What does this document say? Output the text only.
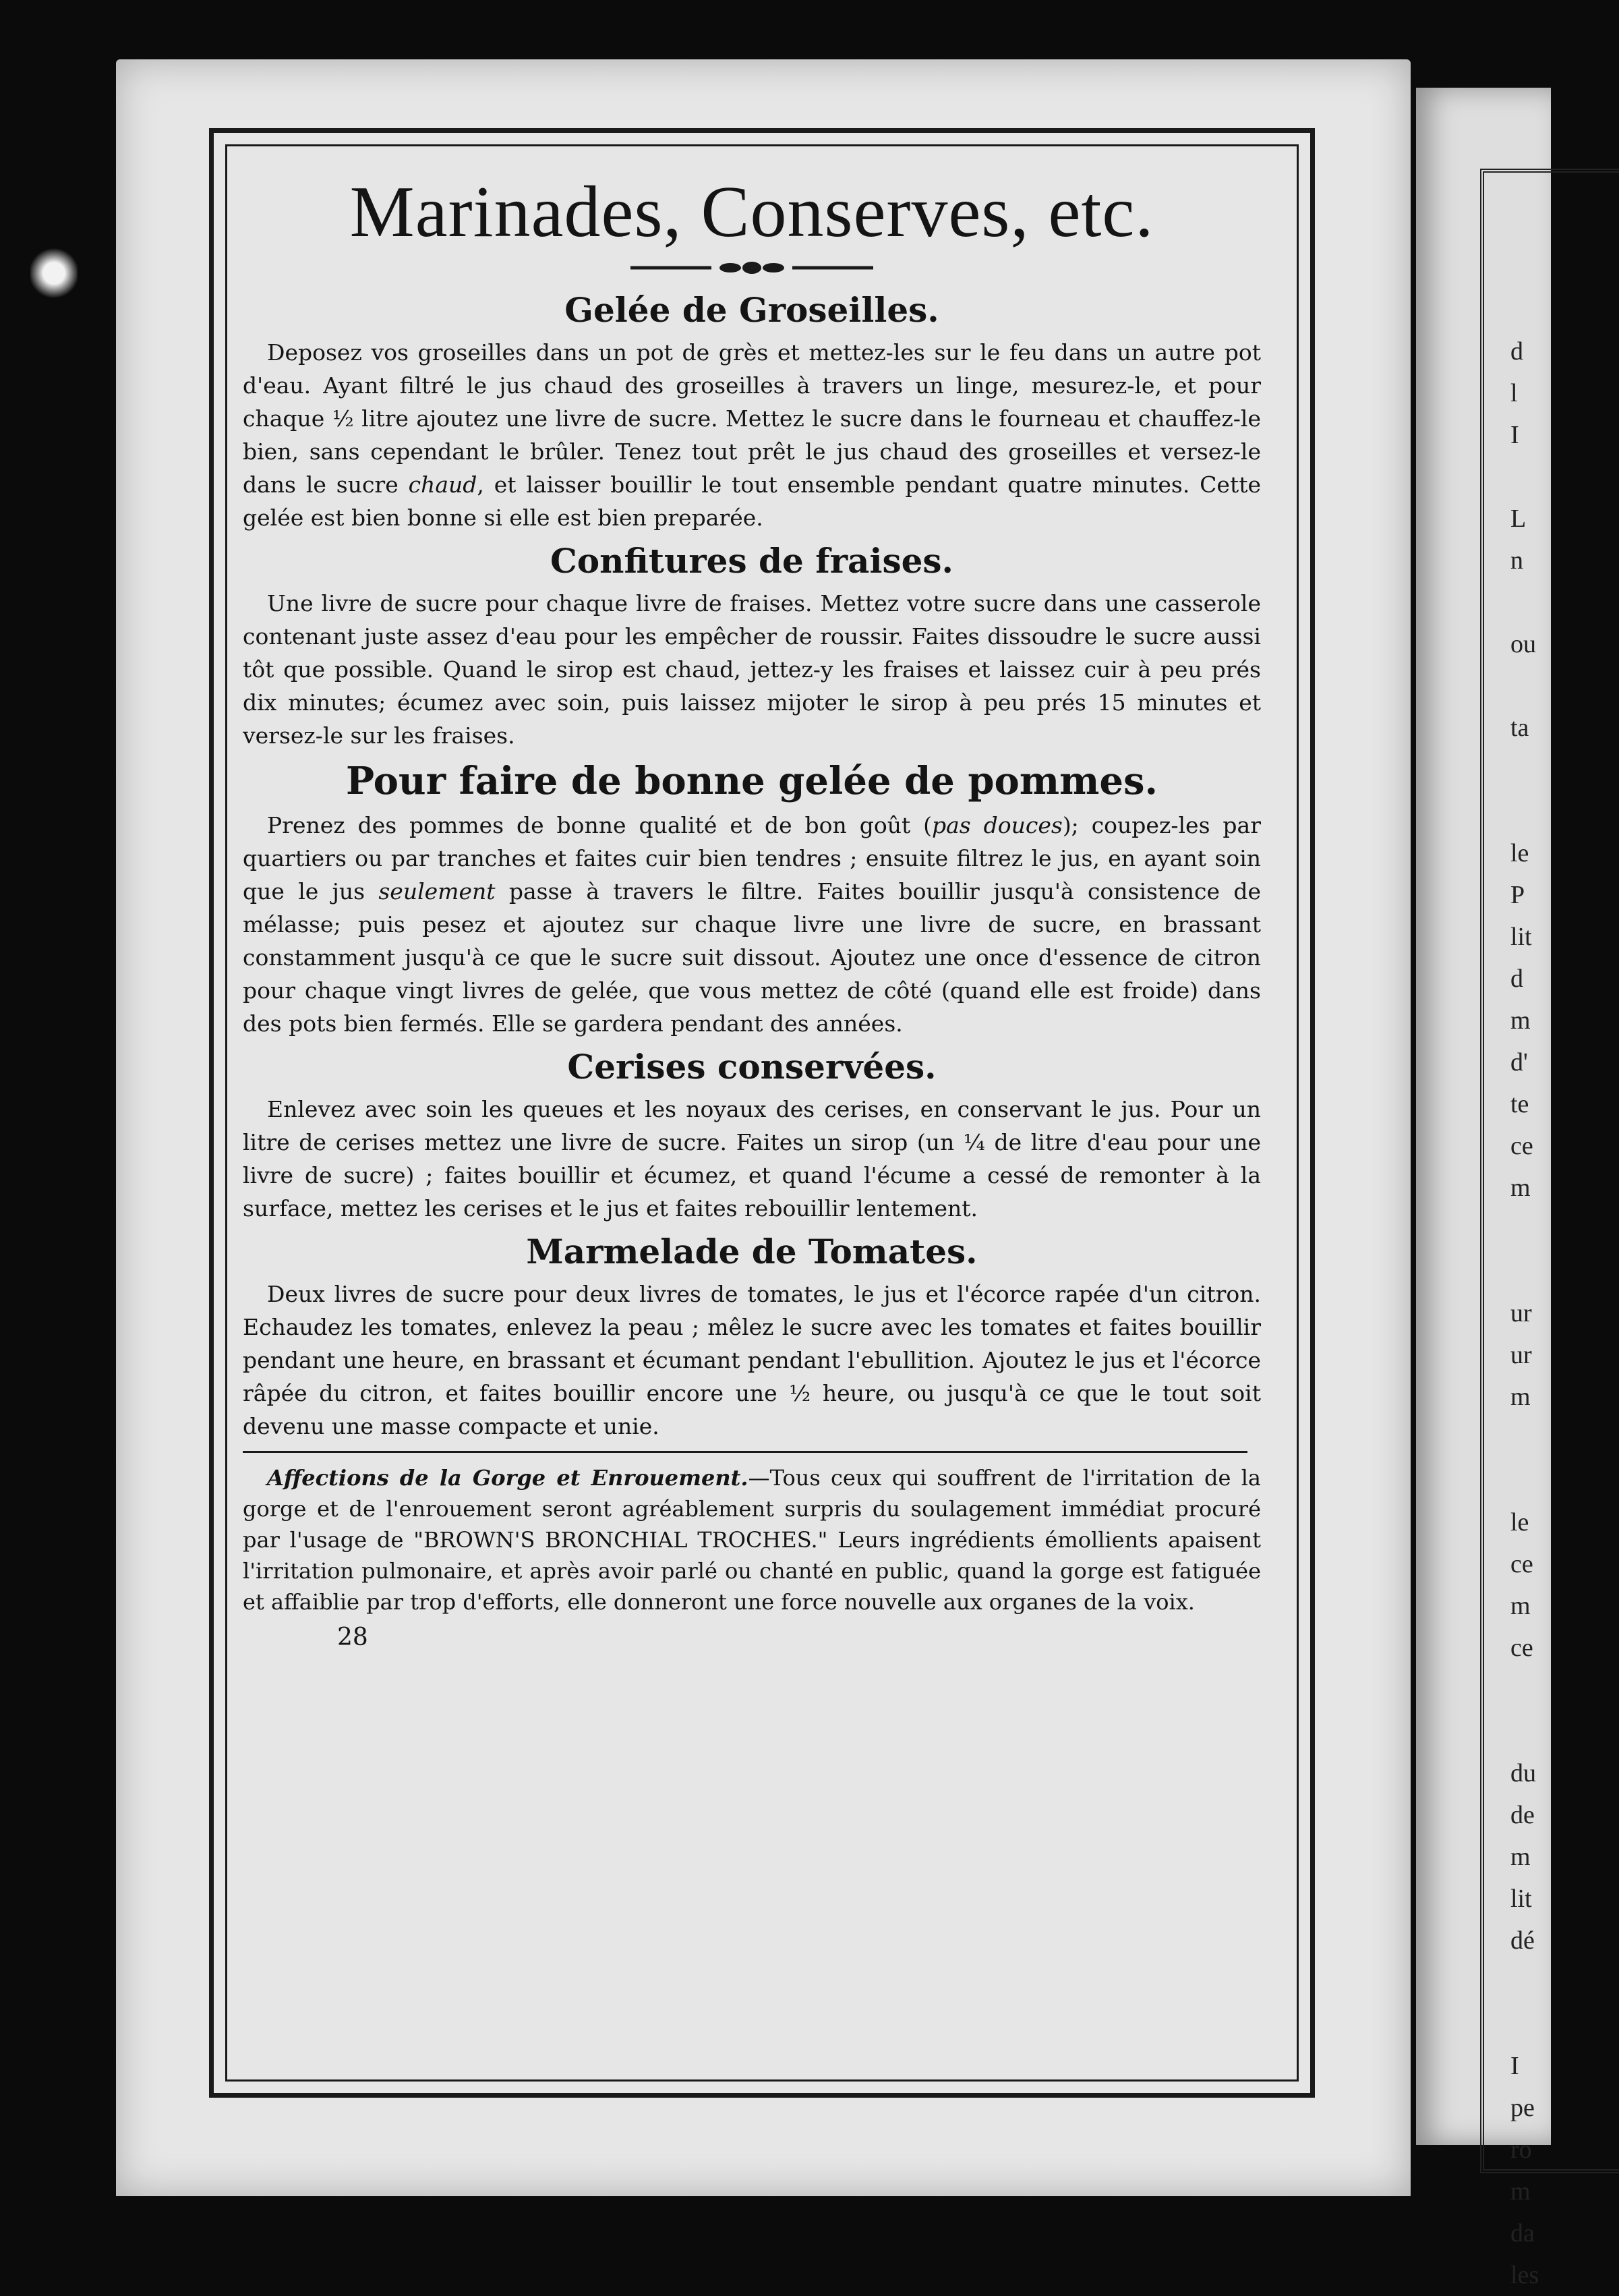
d
l
I

L
n

ou

ta

le
P
lit
d
m
d'
te
ce
m

ur
ur
m

le
ce
m
ce

du
de
m
lit
dé

I
pe
ro
m
da
les
Marinades, Conserves, etc.
Gelée de Groseilles.

Deposez vos groseilles dans un pot de grès et mettez-les sur le feu dans un autre pot d'eau. Ayant filtré le jus chaud des groseilles à travers un linge, mesurez-le, et pour chaque ½ litre ajoutez une livre de sucre. Mettez le sucre dans le fourneau et chauffez-le bien, sans cependant le brûler. Tenez tout prêt le jus chaud des groseilles et versez-le dans le sucre chaud, et laisser bouillir le tout ensemble pendant quatre minutes. Cette gelée est bien bonne si elle est bien preparée.

Confitures de fraises.

Une livre de sucre pour chaque livre de fraises. Mettez votre sucre dans une casserole contenant juste assez d'eau pour les empêcher de roussir. Faites dissoudre le sucre aussi tôt que possible. Quand le sirop est chaud, jettez-y les fraises et laissez cuir à peu prés dix minutes; écumez avec soin, puis laissez mijoter le sirop à peu prés 15 minutes et versez-le sur les fraises.

Pour faire de bonne gelée de pommes.

Prenez des pommes de bonne qualité et de bon goût (pas douces); coupez-les par quartiers ou par tranches et faites cuir bien tendres ; ensuite filtrez le jus, en ayant soin que le jus seulement passe à travers le filtre. Faites bouillir jusqu'à consistence de mélasse; puis pesez et ajoutez sur chaque livre une livre de sucre, en brassant constamment jusqu'à ce que le sucre suit dissout. Ajoutez une once d'essence de citron pour chaque vingt livres de gelée, que vous mettez de côté (quand elle est froide) dans des pots bien fermés. Elle se gardera pendant des années.

Cerises conservées.

Enlevez avec soin les queues et les noyaux des cerises, en conservant le jus. Pour un litre de cerises mettez une livre de sucre. Faites un sirop (un ¼ de litre d'eau pour une livre de sucre) ; faites bouillir et écumez, et quand l'écume a cessé de remonter à la surface, mettez les cerises et le jus et faites rebouillir lentement.

Marmelade de Tomates.

Deux livres de sucre pour deux livres de tomates, le jus et l'écorce rapée d'un citron. Echaudez les tomates, enlevez la peau ; mêlez le sucre avec les tomates et faites bouillir pendant une heure, en brassant et écumant pendant l'ebullition. Ajoutez le jus et l'écorce râpée du citron, et faites bouillir encore une ½ heure, ou jusqu'à ce que le tout soit devenu une masse compacte et unie.

Affections de la Gorge et Enrouement.—Tous ceux qui souffrent de l'irritation de la gorge et de l'enrouement seront agréablement surpris du soulagement immédiat procuré par l'usage de "BROWN'S BRONCHIAL TROCHES." Leurs ingrédients émollients apaisent l'irritation pulmonaire, et après avoir parlé ou chanté en public, quand la gorge est fatiguée et affaiblie par trop d'efforts, elle donneront une force nouvelle aux organes de la voix.

28
